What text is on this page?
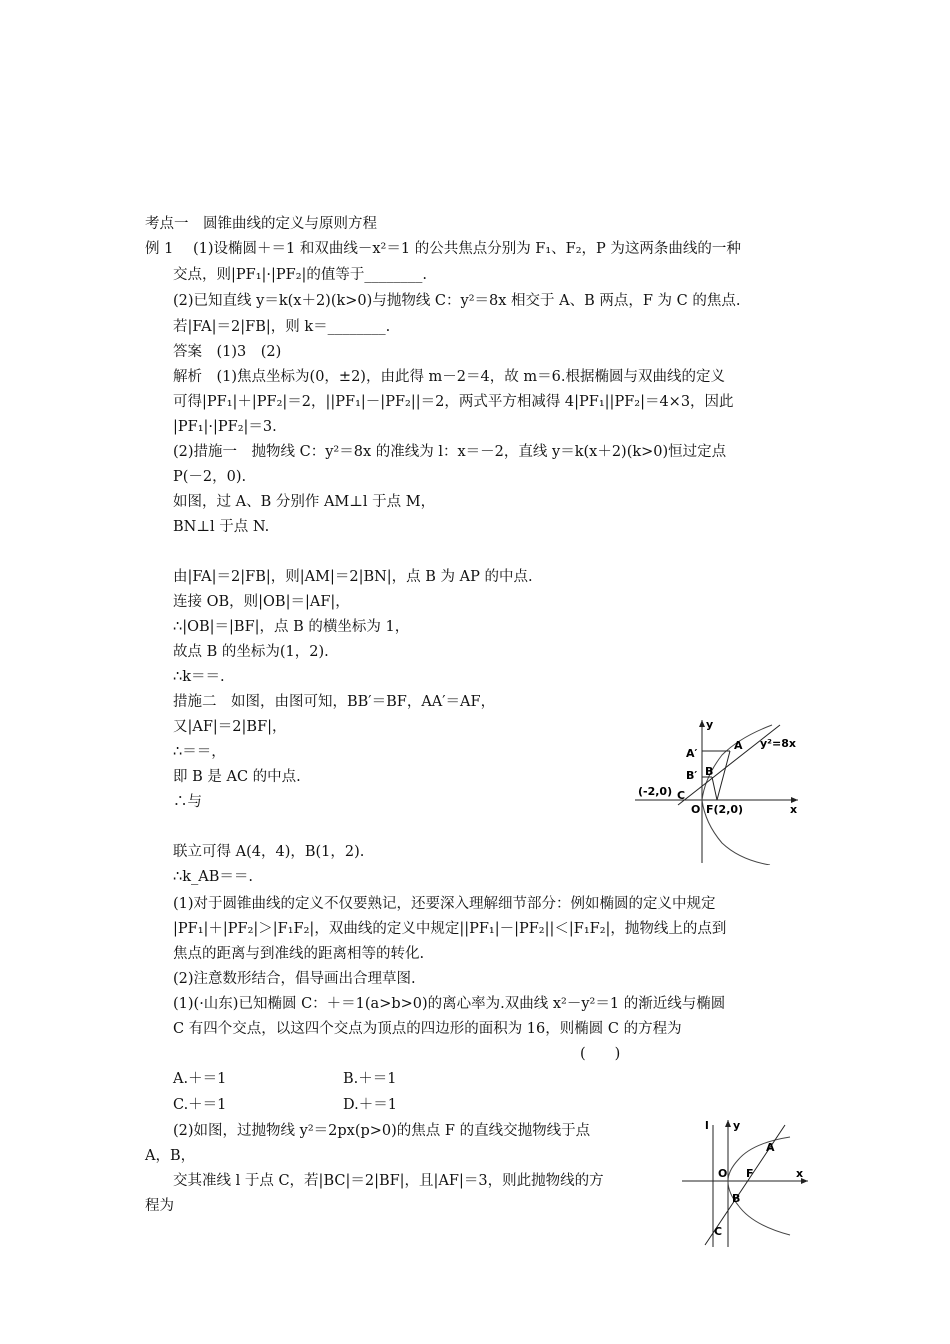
考点一　圆锥曲线的定义与原则方程
例 1 (1)设椭圆＋＝1 和双曲线－x²＝1 的公共焦点分别为 F₁、F₂，P 为这两条曲线的一种
交点，则|PF₁|·|PF₂|的值等于________.
(2)已知直线 y＝k(x＋2)(k>0)与抛物线 C：y²＝8x 相交于 A、B 两点，F 为 C 的焦点.
若|FA|＝2|FB|，则 k＝________.
答案　(1)3　(2)
解析　(1)焦点坐标为(0，±2)，由此得 m－2＝4，故 m＝6.根据椭圆与双曲线的定义
可得|PF₁|＋|PF₂|＝2，||PF₁|－|PF₂||＝2，两式平方相减得 4|PF₁||PF₂|＝4×3，因此
|PF₁|·|PF₂|＝3.
(2)措施一　抛物线 C：y²＝8x 的准线为 l：x＝－2，直线 y＝k(x＋2)(k>0)恒过定点
P(－2，0).
如图，过 A、B 分别作 AM⊥l 于点 M，
BN⊥l 于点 N.
由|FA|＝2|FB|，则|AM|＝2|BN|，点 B 为 AP 的中点.
连接 OB，则|OB|＝|AF|，
∴|OB|＝|BF|，点 B 的横坐标为 1，
故点 B 的坐标为(1，2).
∴k＝＝.
措施二　如图，由图可知，BB′＝BF，AA′＝AF，
又|AF|＝2|BF|，
∴＝＝，
即 B 是 AC 的中点.
∴与
联立可得 A(4，4)，B(1，2).
∴k_AB＝＝.
y
x
y²=8x
A
A′
B′ B
C
(-2,0)
O F(2,0)
(1)对于圆锥曲线的定义不仅要熟记，还要深入理解细节部分：例如椭圆的定义中规定
|PF₁|＋|PF₂|＞|F₁F₂|，双曲线的定义中规定||PF₁|－|PF₂||＜|F₁F₂|，抛物线上的点到
焦点的距离与到准线的距离相等的转化.
(2)注意数形结合，倡导画出合理草图.
(1)(·山东)已知椭圆 C：＋＝1(a>b>0)的离心率为.双曲线 x²－y²＝1 的渐近线与椭圆
C 有四个交点，以这四个交点为顶点的四边形的面积为 16，则椭圆 C 的方程为
(　　)
A.＋＝1	B.＋＝1
C.＋＝1	D.＋＝1
(2)如图，过抛物线 y²＝2px(p>0)的焦点 F 的直线交抛物线于点
A，B，
交其准线 l 于点 C，若|BC|＝2|BF|，且|AF|＝3，则此抛物线的方
程为
l y
x
A
O F
B
C
